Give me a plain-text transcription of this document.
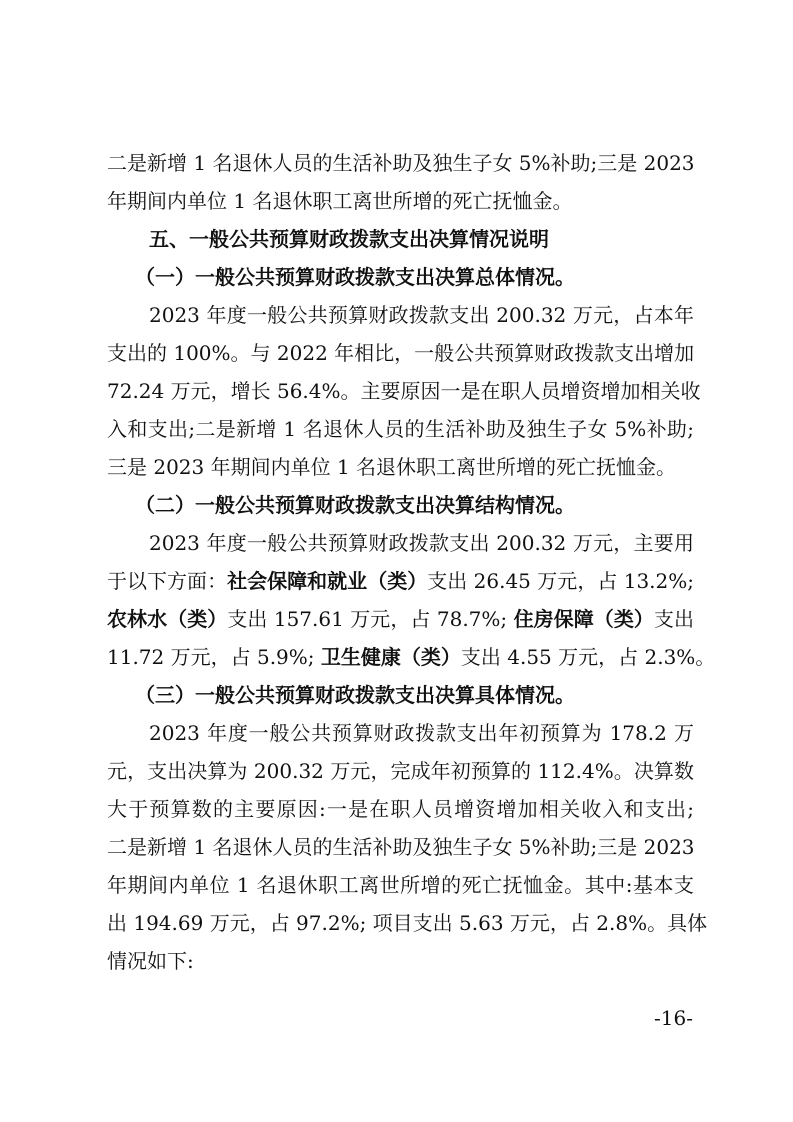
二是新增 1 名退休人员的生活补助及独生子女 5%补助;三是 2023
年期间内单位 1 名退休职工离世所增的死亡抚恤金。
五、一般公共预算财政拨款支出决算情况说明
（一）一般公共预算财政拨款支出决算总体情况。
2023 年度一般公共预算财政拨款支出 200.32 万元，占本年
支出的 100%。与 2022 年相比，一般公共预算财政拨款支出增加
72.24 万元，增长 56.4%。主要原因一是在职人员增资增加相关收
入和支出;二是新增 1 名退休人员的生活补助及独生子女 5%补助;
三是 2023 年期间内单位 1 名退休职工离世所增的死亡抚恤金。
（二）一般公共预算财政拨款支出决算结构情况。
2023 年度一般公共预算财政拨款支出 200.32 万元，主要用
于以下方面：社会保障和就业（类）支出 26.45 万元，占 13.2%;
农林水（类）支出 157.61 万元，占 78.7%; 住房保障（类）支出
11.72 万元，占 5.9%; 卫生健康（类）支出 4.55 万元，占 2.3%。
（三）一般公共预算财政拨款支出决算具体情况。
2023 年度一般公共预算财政拨款支出年初预算为 178.2 万
元，支出决算为 200.32 万元，完成年初预算的 112.4%。决算数
大于预算数的主要原因:一是在职人员增资增加相关收入和支出;
二是新增 1 名退休人员的生活补助及独生子女 5%补助;三是 2023
年期间内单位 1 名退休职工离世所增的死亡抚恤金。其中:基本支
出 194.69 万元，占 97.2%; 项目支出 5.63 万元，占 2.8%。具体
情况如下:
-16-
